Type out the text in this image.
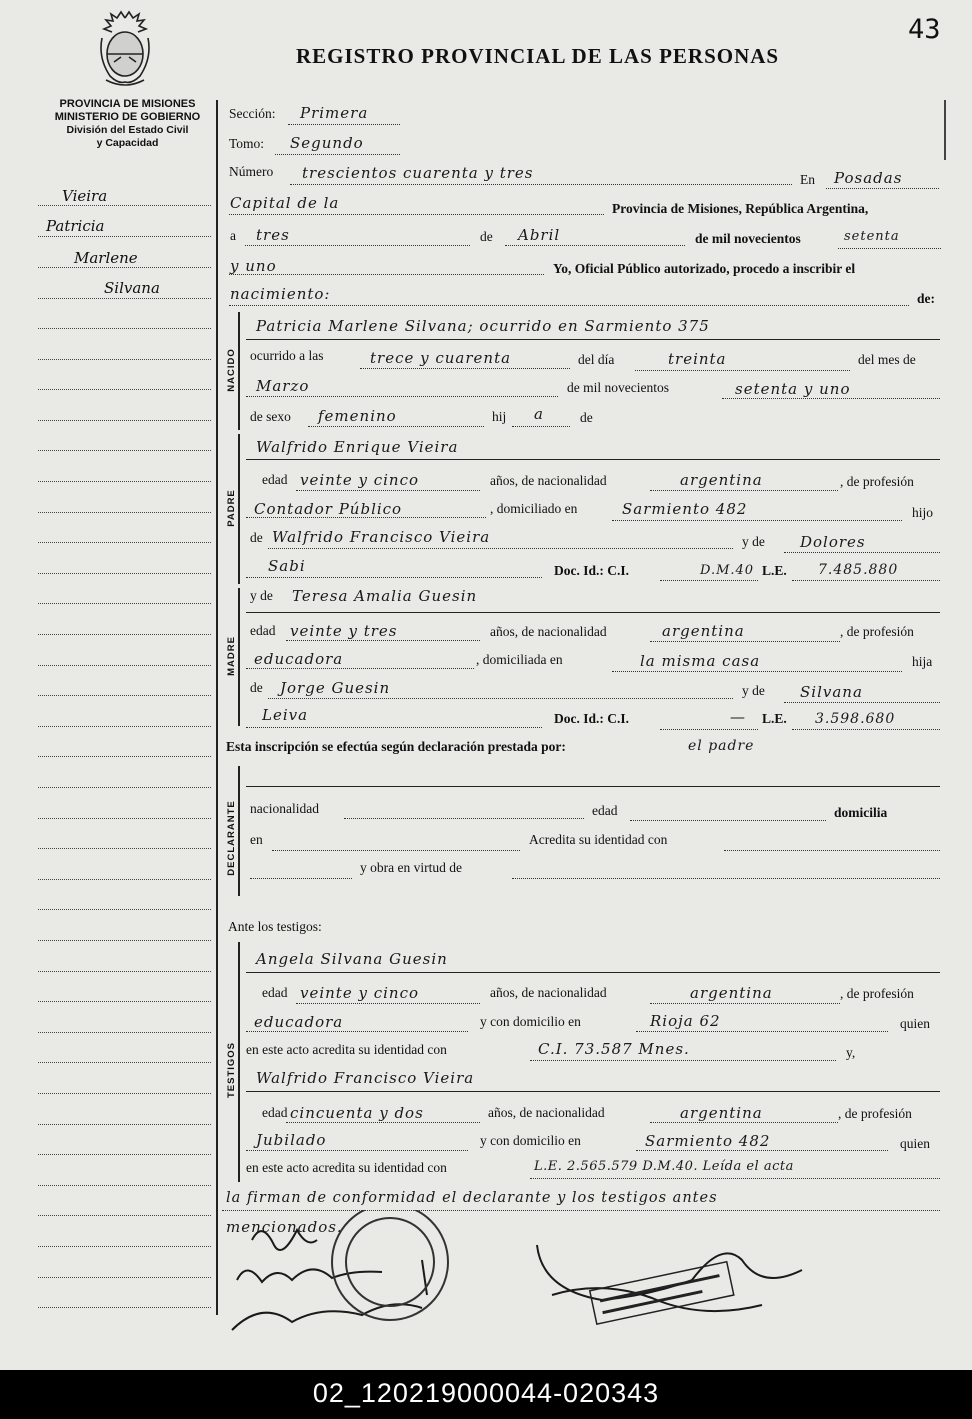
REGISTRO PROVINCIAL DE LAS PERSONAS
43
PROVINCIA DE MISIONES
MINISTERIO DE GOBIERNO
División del Estado Civil
y Capacidad
Vieira
Patricia
Marlene
Silvana
Sección: Primera
Tomo: Segundo
Número trescientos cuarenta y tres	En Posadas
Capital de la	Provincia de Misiones, República Argentina,
a tres	de Abril	de mil novecientos	setenta
y uno	Yo, Oficial Público autorizado, procedo a inscribir el
nacimiento:	de:
NACIDO
Patricia Marlene Silvana; ocurrido en Sarmiento 375
ocurrido a las	trece y cuarenta	del día	treinta	del mes de
Marzo	de mil novecientos	setenta y uno
de sexo femenino	hij a	de
PADRE
Walfrido Enrique Vieira
edad veinte y cinco	años, de nacionalidad	argentina	, de profesión
Contador Público	, domiciliado en	Sarmiento 482	hijo
de Walfrido Francisco Vieira	y de Dolores
Sabi	Doc. Id.: C.I.	D.M.40 L.E. 7.485.880
MADRE
y de Teresa Amalia Guesin
edad veinte y tres	años, de nacionalidad	argentina	, de profesión
educadora	, domiciliada en	la misma casa	hija
de Jorge Guesin	y de Silvana
Leiva	Doc. Id.: C.I.	— L.E. 3.598.680
Esta inscripción se efectúa según declaración prestada por:	el padre
DECLARANTE nacionalidad	edad	domicilia
en	Acredita su identidad con
y obra en virtud de
Ante los testigos:
TESTIGOS
Angela Silvana Guesin
edad veinte y cinco	años, de nacionalidad	argentina	, de profesión
educadora	y con domicilio en	Rioja 62	quien
en este acto acredita su identidad con	C.I. 73.587 Mnes.	y,
Walfrido Francisco Vieira
edad cincuenta y dos	años, de nacionalidad	argentina	, de profesión
Jubilado	y con domicilio en	Sarmiento 482	quien
en este acto acredita su identidad con	L.E. 2.565.579 D.M.40. Leída el acta
la firman de conformidad el declarante y los testigos antes
mencionados.
02_120219000044-020343
